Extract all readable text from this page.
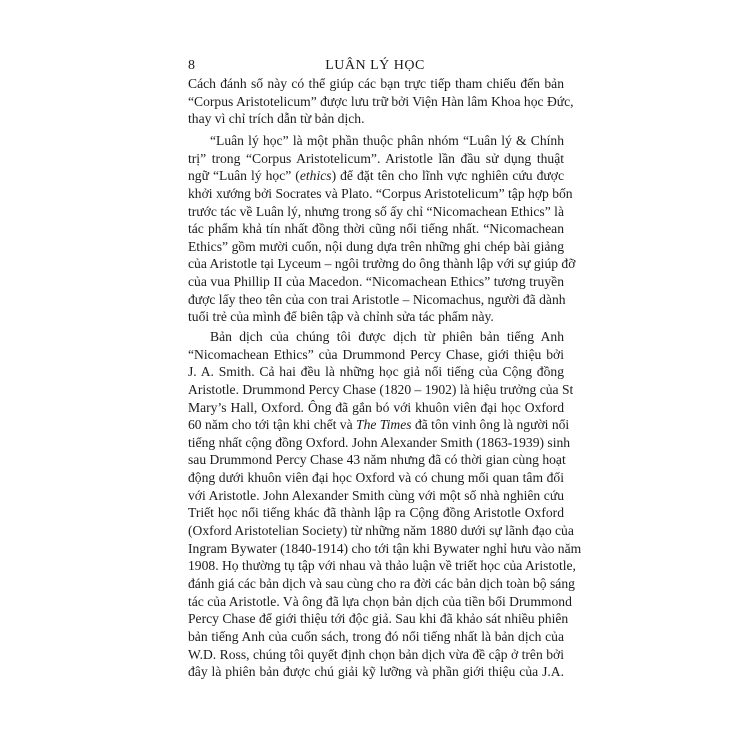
8	LUÂN LÝ HỌC
Cách đánh số này có thể giúp các bạn trực tiếp tham chiếu đến bản
“Corpus Aristotelicum” được lưu trữ bởi Viện Hàn lâm Khoa học Đức,
thay vì chỉ trích dẫn từ bản dịch.
“Luân lý học” là một phần thuộc phân nhóm “Luân lý & Chính
trị” trong “Corpus Aristotelicum”. Aristotle lần đầu sử dụng thuật
ngữ “Luân lý học” (ethics) để đặt tên cho lĩnh vực nghiên cứu được
khởi xướng bởi Socrates và Plato. “Corpus Aristotelicum” tập hợp bốn
trước tác về Luân lý, nhưng trong số ấy chỉ “Nicomachean Ethics” là
tác phẩm khả tín nhất đồng thời cũng nổi tiếng nhất. “Nicomachean
Ethics” gồm mười cuốn, nội dung dựa trên những ghi chép bài giảng
của Aristotle tại Lyceum – ngôi trường do ông thành lập với sự giúp đỡ
của vua Phillip II của Macedon. “Nicomachean Ethics” tương truyền
được lấy theo tên của con trai Aristotle – Nicomachus, người đã dành
tuổi trẻ của mình để biên tập và chỉnh sửa tác phẩm này.
Bản dịch của chúng tôi được dịch từ phiên bản tiếng Anh
“Nicomachean Ethics” của Drummond Percy Chase, giới thiệu bởi
J. A. Smith. Cả hai đều là những học giả nổi tiếng của Cộng đồng
Aristotle. Drummond Percy Chase (1820 – 1902) là hiệu trưởng của St
Mary’s Hall, Oxford. Ông đã gắn bó với khuôn viên đại học Oxford
60 năm cho tới tận khi chết và The Times đã tôn vinh ông là người nổi
tiếng nhất cộng đồng Oxford. John Alexander Smith (1863-1939) sinh
sau Drummond Percy Chase 43 năm nhưng đã có thời gian cùng hoạt
động dưới khuôn viên đại học Oxford và có chung mối quan tâm đối
với Aristotle. John Alexander Smith cùng với một số nhà nghiên cứu
Triết học nổi tiếng khác đã thành lập ra Cộng đồng Aristotle Oxford
(Oxford Aristotelian Society) từ những năm 1880 dưới sự lãnh đạo của
Ingram Bywater (1840-1914) cho tới tận khi Bywater nghỉ hưu vào năm
1908. Họ thường tụ tập với nhau và thảo luận về triết học của Aristotle,
đánh giá các bản dịch và sau cùng cho ra đời các bản dịch toàn bộ sáng
tác của Aristotle. Và ông đã lựa chọn bản dịch của tiền bối Drummond
Percy Chase để giới thiệu tới độc giả. Sau khi đã khảo sát nhiều phiên
bản tiếng Anh của cuốn sách, trong đó nổi tiếng nhất là bản dịch của
W.D. Ross, chúng tôi quyết định chọn bản dịch vừa đề cập ở trên bởi
đây là phiên bản được chú giải kỹ lưỡng và phần giới thiệu của J.A.
